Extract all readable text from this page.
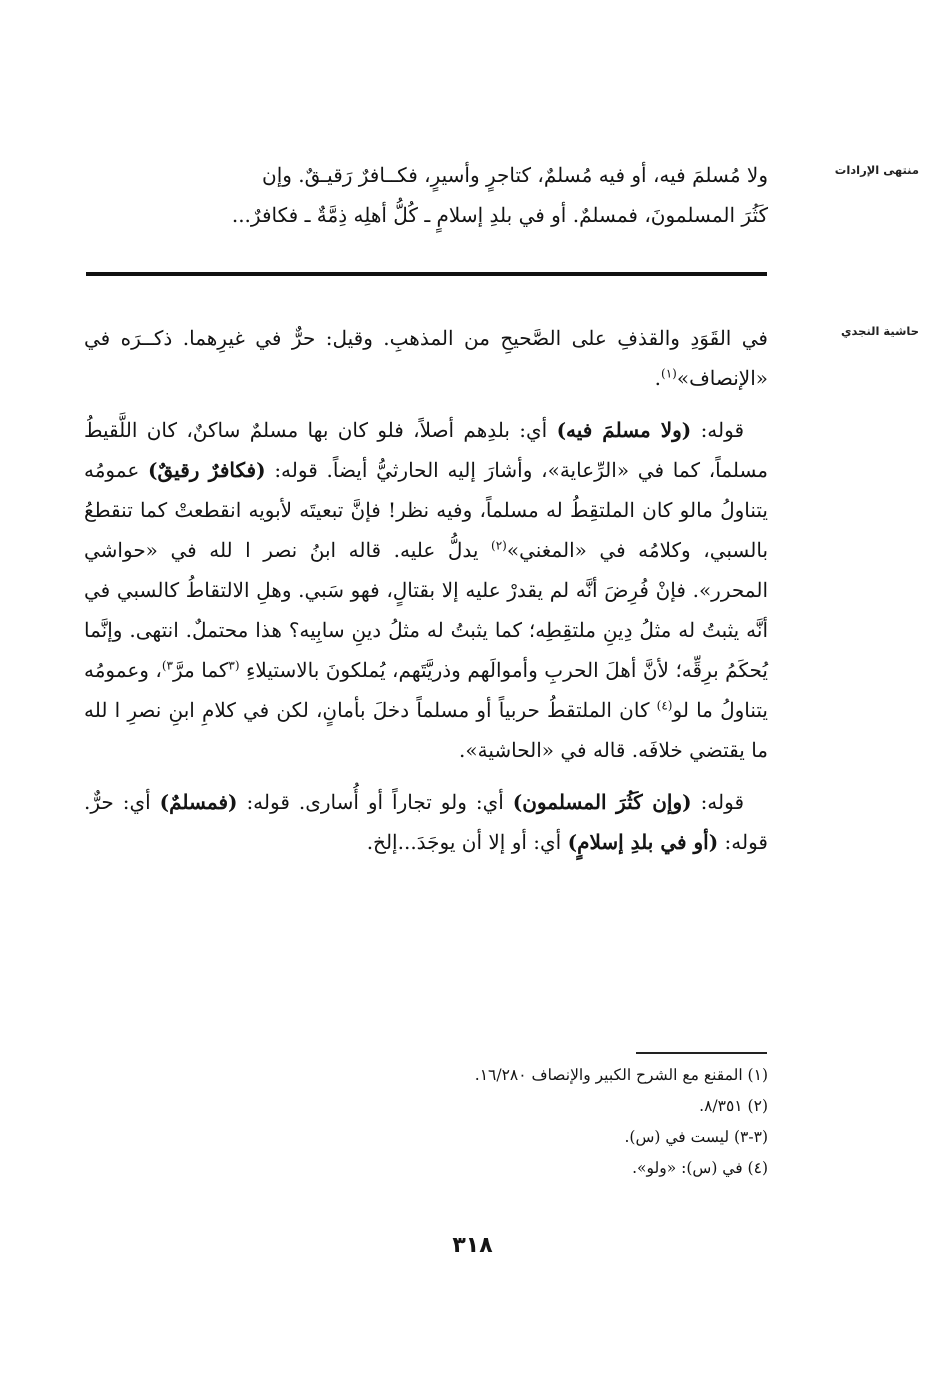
منتهى الإرادات
حاشية النجدي

ولا مُسلمَ فيه، أو فيه مُسلمٌ، كتاجرٍ وأسيرٍ، فكــافرٌ رَقيـقٌ. وإن

كَثُرَ المسلمونَ، فمسلمٌ. أو في بلدِ إسلامٍ ـ كُلُّ أهلِه ذِمَّةٌ ـ فكافرٌ...

في القَوَدِ والقذفِ على الصَّحيحِ من المذهبِ. وقيل: حرٌّ في غيرِهما. ذكــرَه في «الإنصاف»$^{(١)}$.

قوله: (ولا مسلمَ فيه) أي: بلدِهم أصلاً، فلو كان بها مسلمٌ ساكنٌ، كان اللَّقيطُ مسلماً، كما في «الرِّعاية»، وأشارَ إليه الحارثيُّ أيضاً. قوله: (فكافرٌ رقيقٌ) عمومُه يتناولُ مالو كان الملتقِطُ له مسلماً، وفيه نظر! فإنَّ تبعيتَه لأبويه انقطعتْ كما تنقطعُ بالسبي، وكلامُه في «المغني»$^{(٢)}$ يدلُّ عليه. قاله ابنُ نصر ا لله في «حواشي المحرر». فإنْ فُرِضَ أنَّه لم يقدرْ عليه إلا بقتالٍ، فهو سَبي. وهلِ الالتقاطُ كالسبي في أنَّه يثبتُ له مثلُ دِينِ ملتقِطِه؛ كما يثبتُ له مثلُ دينِ سابِيه؟ هذا محتملٌ. انتهى. وإنَّما يُحكَمُ برِقِّه؛ لأنَّ أهلَ الحربِ وأموالَهم وذريَّتَهم، يُملكونَ بالاستيلاءِ $^{(٣}$كما مرَّ$^{٣)}$، وعمومُه يتناولُ ما لو$^{(٤)}$ كان الملتقطُ حربياً أو مسلماً دخلَ بأمانٍ، لكن في كلامِ ابنِ نصرِ ا لله ما يقتضي خلافَه. قاله في «الحاشية».

قوله: (وإن كَثُرَ المسلمون) أي: ولو تجاراً أو أُسارى. قوله: (فمسلمٌ) أي: حرٌّ. قوله: (أو في بلدِ إسلامٍ) أي: أو إلا أن يوجَدَ...إلخ.

(١) المقنع مع الشرح الكبير والإنصاف ١٦/٢٨٠.

(٢) ٨/٣٥١.

(٣-٣) ليست في (س).

(٤) في (س): «ولو».

٣١٨
